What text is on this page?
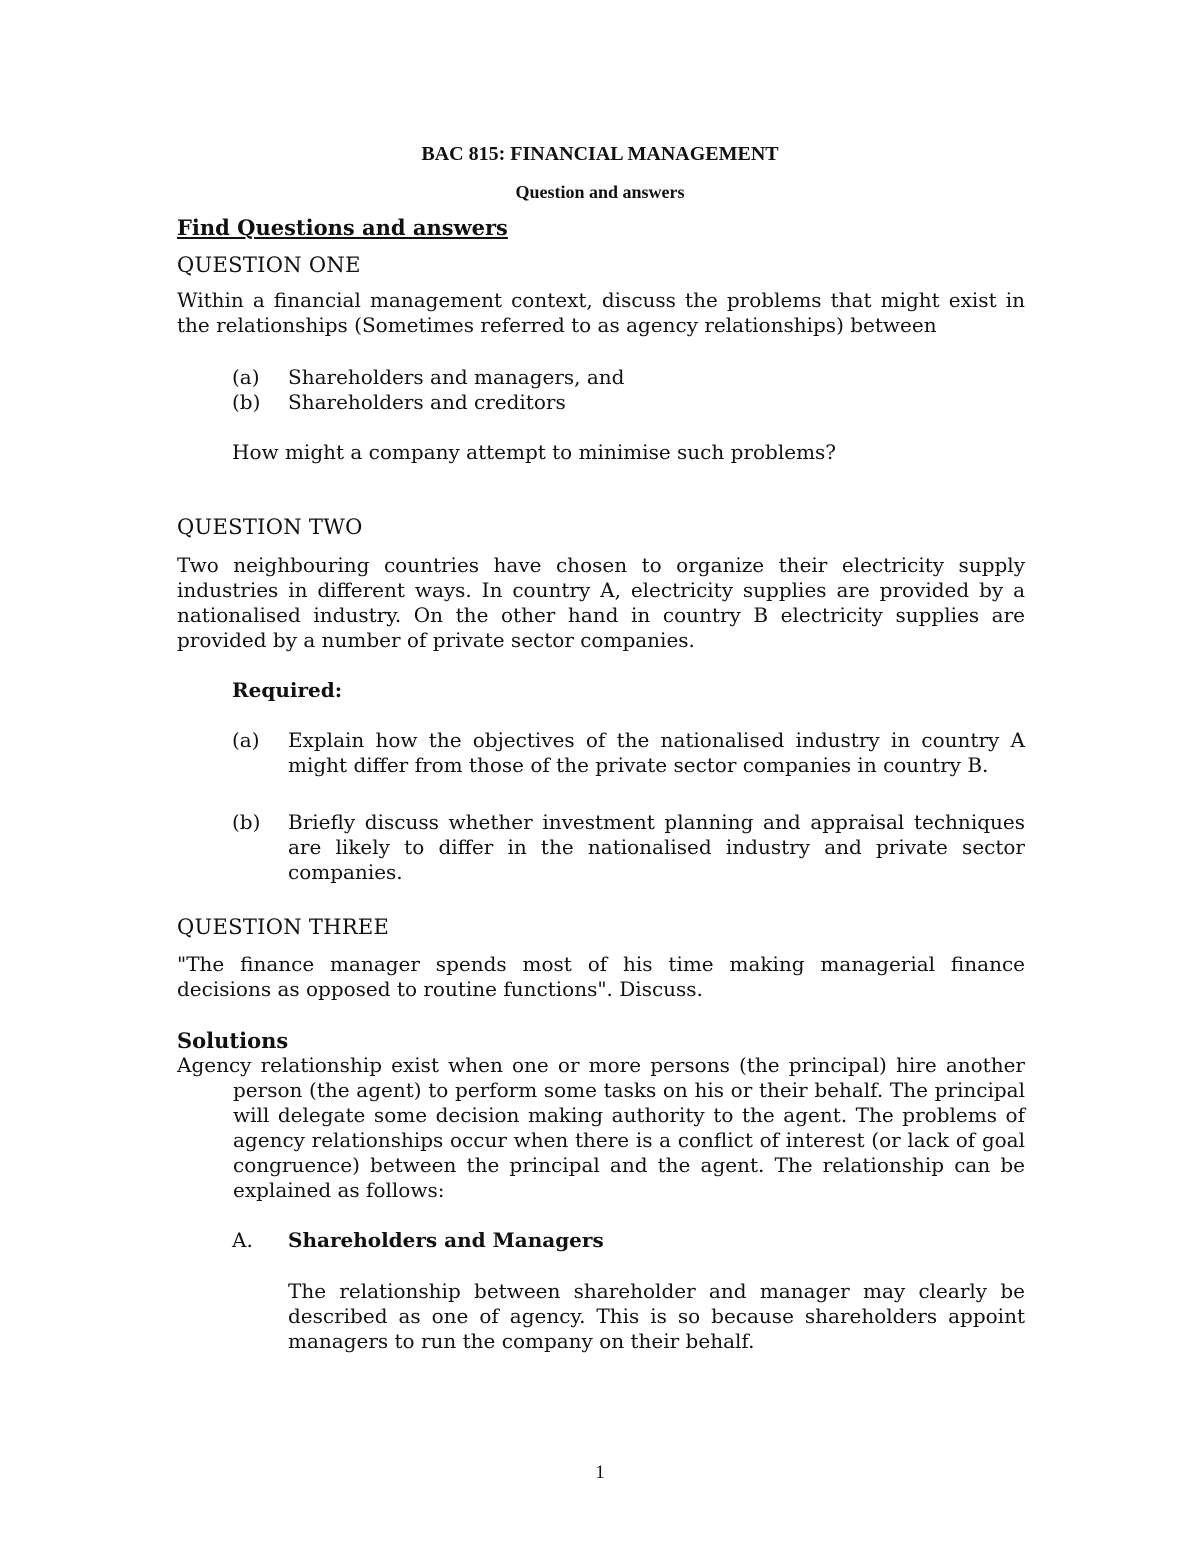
BAC 815: FINANCIAL MANAGEMENT
Question and answers
Find Questions and answers
QUESTION ONE
Within a financial management context, discuss the problems that might exist in the relationships (Sometimes referred to as agency relationships) between
(a) Shareholders and managers, and
(b) Shareholders and creditors
How might a company attempt to minimise such problems?
QUESTION TWO
Two neighbouring countries have chosen to organize their electricity supply industries in different ways. In country A, electricity supplies are provided by a nationalised industry. On the other hand in country B electricity supplies are provided by a number of private sector companies.
Required:
(a) Explain how the objectives of the nationalised industry in country A might differ from those of the private sector companies in country B.
(b) Briefly discuss whether investment planning and appraisal techniques are likely to differ in the nationalised industry and private sector companies.
QUESTION THREE
"The finance manager spends most of his time making managerial finance decisions as opposed to routine functions". Discuss.
Solutions
Agency relationship exist when one or more persons (the principal) hire another person (the agent) to perform some tasks on his or their behalf. The principal will delegate some decision making authority to the agent. The problems of agency relationships occur when there is a conflict of interest (or lack of goal congruence) between the principal and the agent. The relationship can be explained as follows:
A. Shareholders and Managers
The relationship between shareholder and manager may clearly be described as one of agency. This is so because shareholders appoint managers to run the company on their behalf.
1
